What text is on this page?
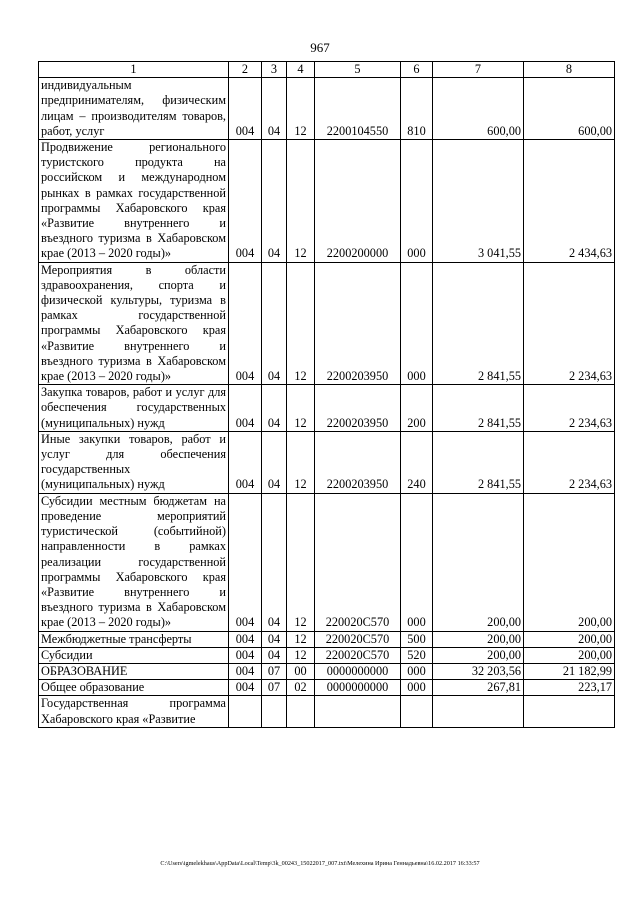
967
1	2	3	4	5	6	7	8
индивидуальным предпринимателям, физическим лицам – производителям товаров, работ, услуг	004	04	12	2200104550	810	600,00	600,00
Продвижение регионального туристского продукта на российском и международном рынках в рамках государственной программы Хабаровского края «Развитие внутреннего и въездного туризма в Хабаровском крае (2013 – 2020 годы)»	004	04	12	2200200000	000	3 041,55	2 434,63
Мероприятия в области здравоохранения, спорта и физической культуры, туризма в рамках государственной программы Хабаровского края «Развитие внутреннего и въездного туризма в Хабаровском крае (2013 – 2020 годы)»	004	04	12	2200203950	000	2 841,55	2 234,63
Закупка товаров, работ и услуг для обеспечения государственных (муниципальных) нужд	004	04	12	2200203950	200	2 841,55	2 234,63
Иные закупки товаров, работ и услуг для обеспечения государственных (муниципальных) нужд	004	04	12	2200203950	240	2 841,55	2 234,63
Субсидии местным бюджетам на проведение мероприятий туристической (событийной) направленности в рамках реализации государственной программы Хабаровского края «Развитие внутреннего и въездного туризма в Хабаровском крае (2013 – 2020 годы)»	004	04	12	220020С570	000	200,00	200,00
Межбюджетные трансферты	004	04	12	220020С570	500	200,00	200,00
Субсидии	004	04	12	220020С570	520	200,00	200,00
ОБРАЗОВАНИЕ	004	07	00	0000000000	000	32 203,56	21 182,99
Общее образование	004	07	02	0000000000	000	267,81	223,17
Государственная программа Хабаровского края «Развитие							
C:\Users\igmelekhaus\AppData\Local\Temp\3k_00243_15022017_007.txt\Мелехина Ирина Геннадьевна\16.02.2017 16:33:57
